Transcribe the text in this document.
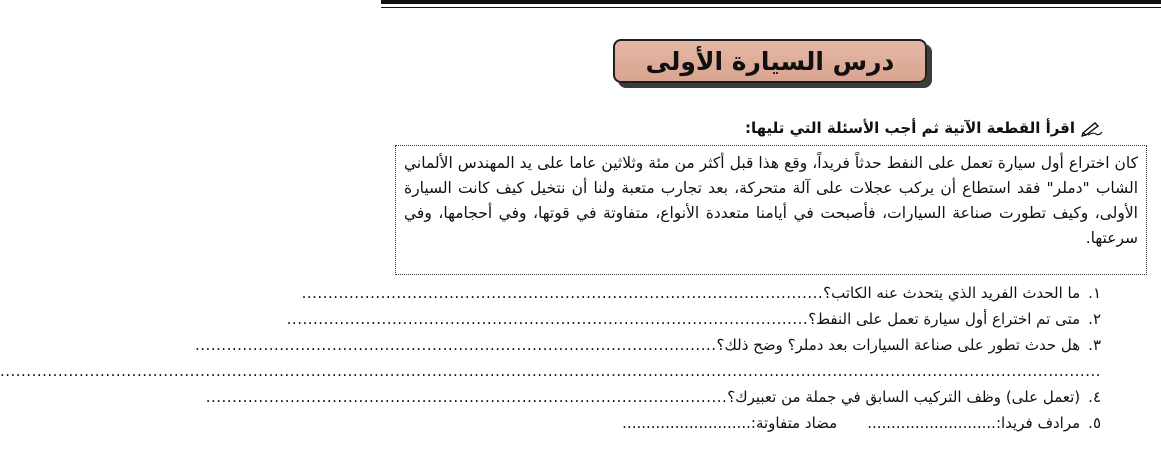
درس السيارة الأولى
اقرأ القطعة الآتية ثم أجب الأسئلة التي تليها:

كان اختراع أول سيارة تعمل على النفط حدثاً فريداً، وقع هذا قبل أكثر من مئة وثلاثين عاما على يد المهندس الألماني الشاب "دملر" فقد استطاع أن يركب عجلات على آلة متحركة، بعد تجارب متعبة ولنا أن نتخيل كيف كانت السيارة الأولى، وكيف تطورت صناعة السيارات، فأصبحت في أيامنا متعددة الأنواع، متفاوتة في قوتها، وفي أحجامها، وفي سرعتها.

١.
ما الحدث الفريد الذي يتحدث عنه الكاتب؟
...................................................................................................
٢.
متى تم اختراع أول سيارة تعمل على النفط؟
...................................................................................................
٣.
هل حدث تطور على صناعة السيارات بعد دملر؟ وضح ذلك؟
...................................................................................................
.................................................................................................................................................................................................................
٤.
(تعمل على) وظف التركيب السابق في جملة من تعبيرك؟
...................................................................................................
٥.
مرادف فريدا:
...........................
مضاد متفاوتة:
...........................
